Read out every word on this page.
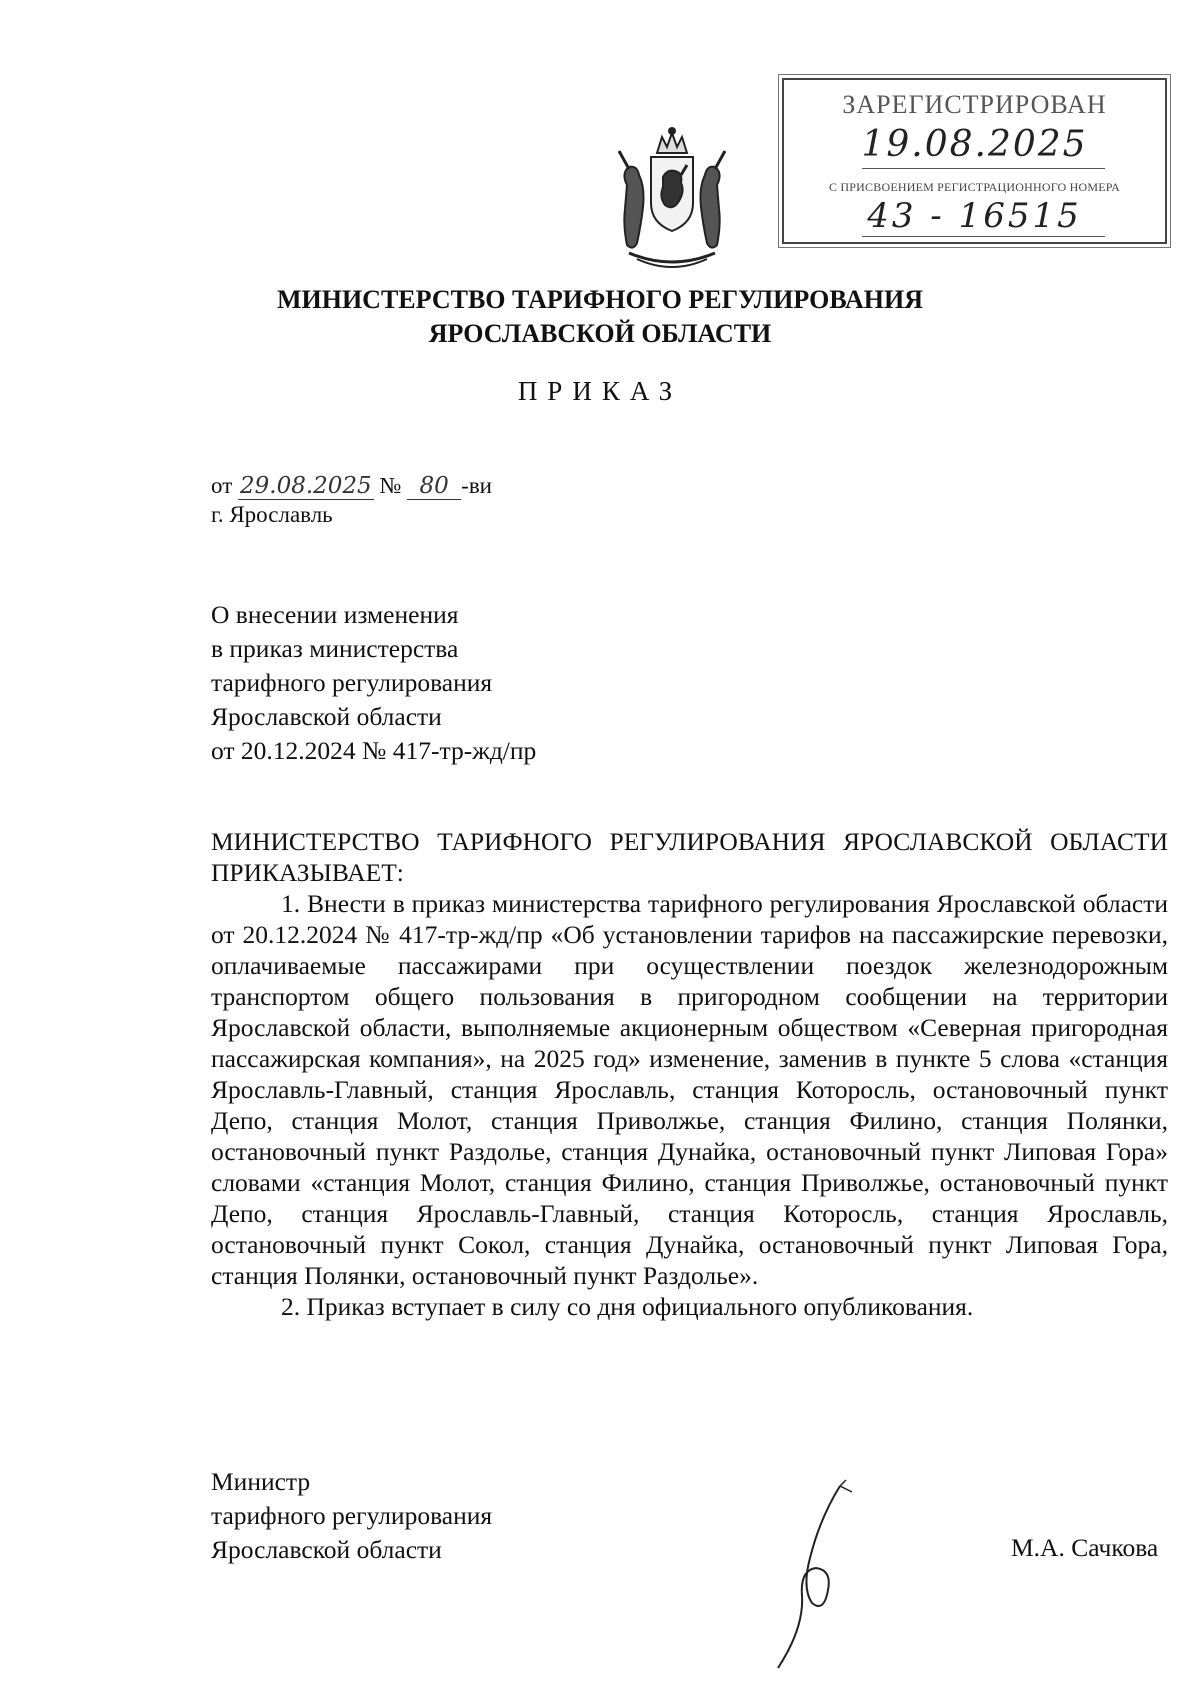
ЗАРЕГИСТРИРОВАН
19.08.2025
С ПРИСВОЕНИЕМ РЕГИСТРАЦИОННОГО НОМЕРА
43 - 16515
МИНИСТЕРСТВО ТАРИФНОГО РЕГУЛИРОВАНИЯ
ЯРОСЛАВСКОЙ ОБЛАСТИ
ПРИКАЗ
от 29.08.2025 № 80 -ви
г. Ярославль
О внесении изменения
в приказ министерства
тарифного регулирования
Ярославской области
от 20.12.2024 № 417-тр-жд/пр

МИНИСТЕРСТВО ТАРИФНОГО РЕГУЛИРОВАНИЯ ЯРОСЛАВСКОЙ ОБЛАСТИ ПРИКАЗЫВАЕТ:

1. Внести в приказ министерства тарифного регулирования Ярославской области от 20.12.2024 № 417-тр-жд/пр «Об установлении тарифов на пассажирские перевозки, оплачиваемые пассажирами при осуществлении поездок железнодорожным транспортом общего пользования в пригородном сообщении на территории Ярославской области, выполняемые акционерным обществом «Северная пригородная пассажирская компания», на 2025 год» изменение, заменив в пункте 5 слова «станция Ярославль-Главный, станция Ярославль, станция Которосль, остановочный пункт Депо, станция Молот, станция Приволжье, станция Филино, станция Полянки, остановочный пункт Раздолье, станция Дунайка, остановочный пункт Липовая Гора» словами «станция Молот, станция Филино, станция Приволжье, остановочный пункт Депо, станция Ярославль-Главный, станция Которосль, станция Ярославль, остановочный пункт Сокол, станция Дунайка, остановочный пункт Липовая Гора, станция Полянки, остановочный пункт Раздолье».

2. Приказ вступает в силу со дня официального опубликования.

Министр
тарифного регулирования
Ярославской области	М.А. Сачкова
